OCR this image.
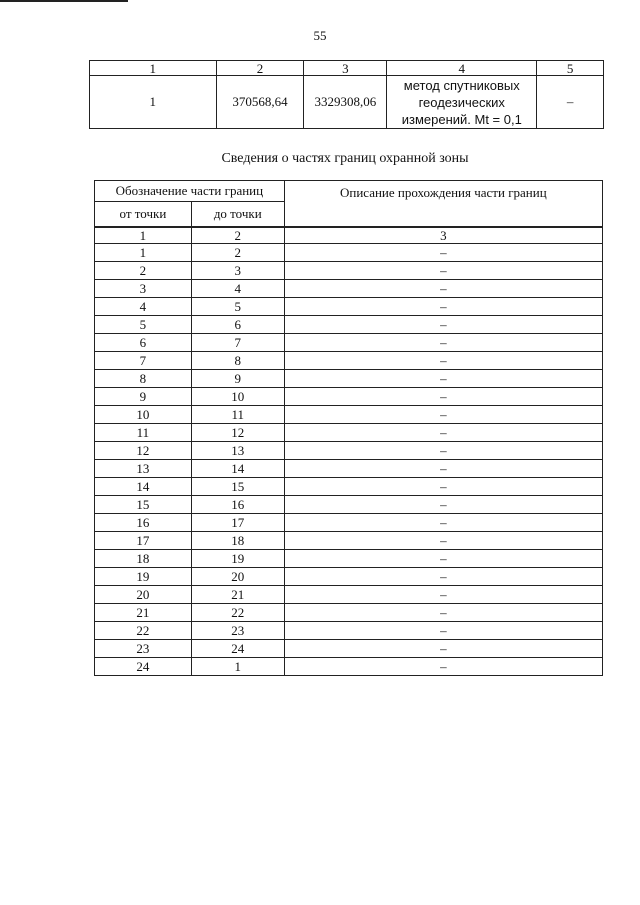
55
1	2	3	4	5
1	370568,64	3329308,06	метод спутниковых геодезических измерений. Mt = 0,1	–
Сведения о частях границ охранной зоны
Обозначение части границ		Описание прохождения части границ
от точки	до точки	
1	2	3
1	2	–
2	3	–
3	4	–
4	5	–
5	6	–
6	7	–
7	8	–
8	9	–
9	10	–
10	11	–
11	12	–
12	13	–
13	14	–
14	15	–
15	16	–
16	17	–
17	18	–
18	19	–
19	20	–
20	21	–
21	22	–
22	23	–
23	24	–
24	1	–
